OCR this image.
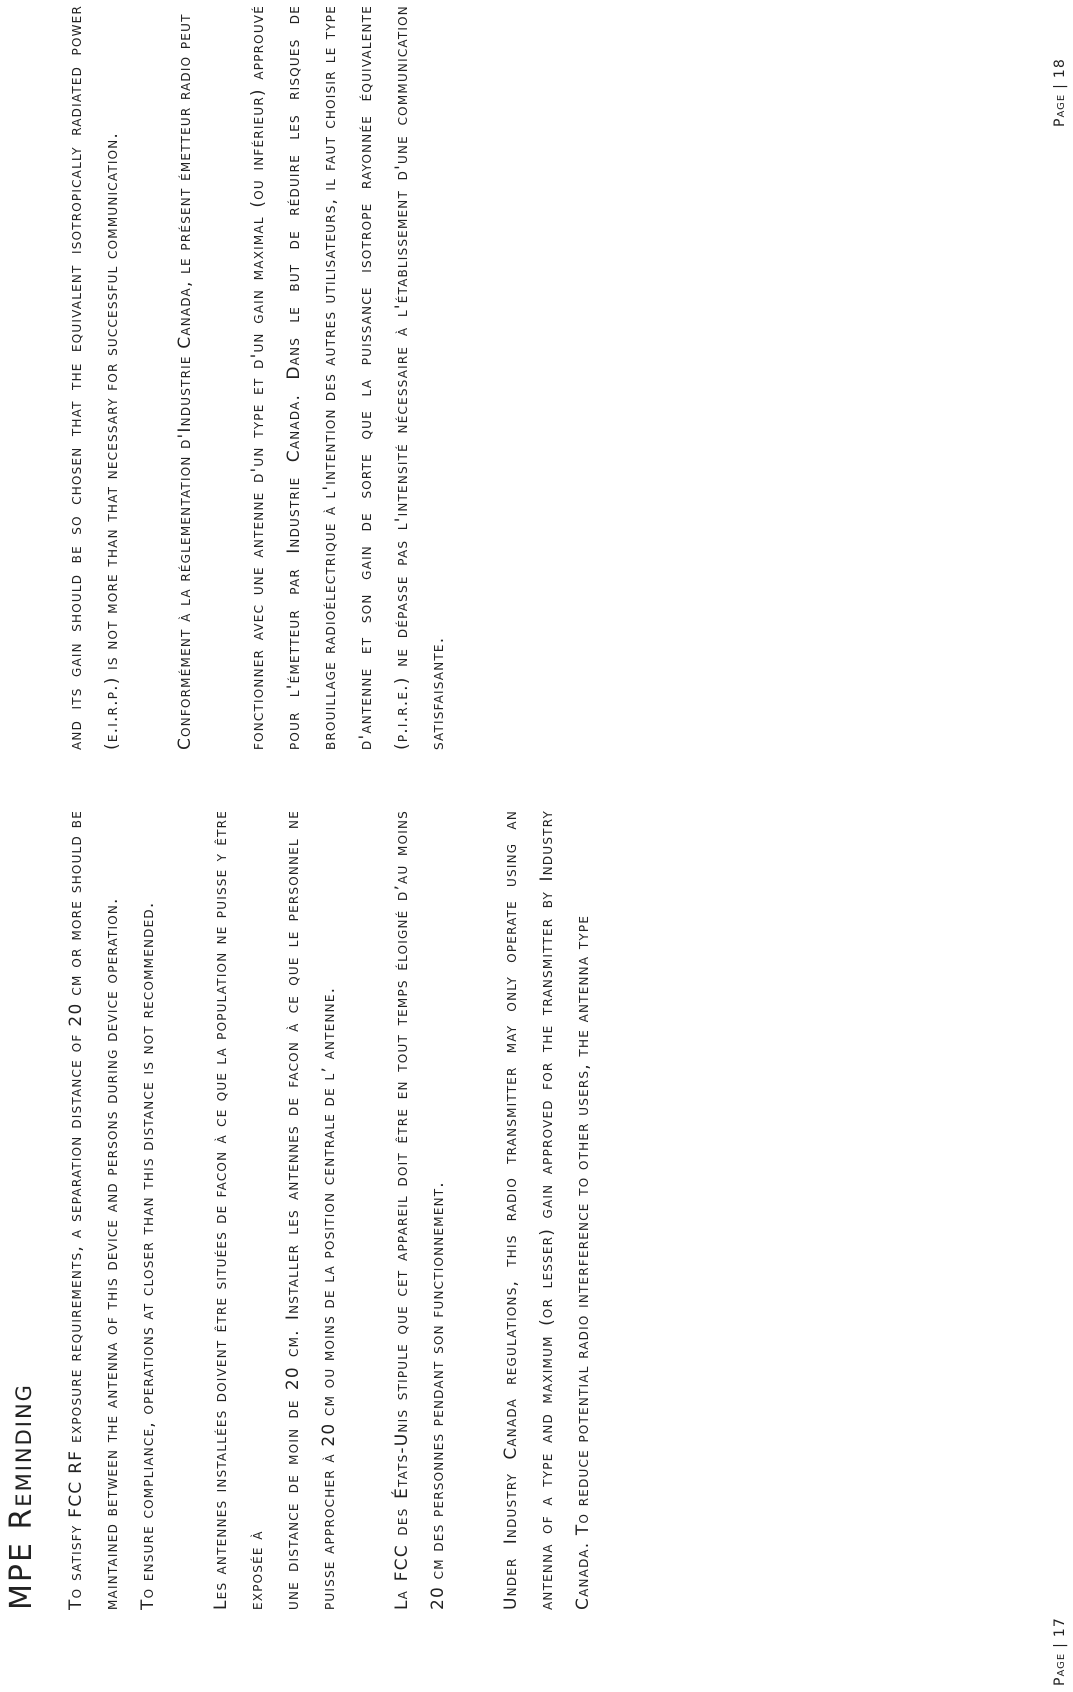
MPE Reminding	To satisfy FCC RF exposure requirements, a separation distance of 20 cm or more should be maintained between the antenna of this device and persons during device operation. To ensure compliance, operations at closer than this distance is not recommended.	Les antennes installées doivent être situées de facon à ce que la population ne puisse y être exposée à une distance de moin de 20 cm. Installer les antennes de facon à ce que le personnel ne puisse approcher à 20 cm ou moins de la position centrale de l’ antenne.	La FCC des États-Unis stipule que cet appareil doit être en tout temps éloigné d’au moins 20 cm des personnes pendant son functionnement.	Under Industry Canada regulations, this radio transmitter may only operate using an antenna of a type and maximum (or lesser) gain approved for the transmitter by Industry Canada. To reduce potential radio interference to other users, the antenna type

and its gain should be so chosen that the equivalent isotropically radiated power (e.i.r.p.) is not more than that necessary for successful communication.	Conformément à la réglementation d'Industrie Canada, le présent émetteur radio peut	fonctionner avec une antenne d'un type et d'un gain maximal (ou inférieur) approuvé pour l'émetteur par Industrie Canada. Dans le but de réduire les risques de brouillage radioélectrique à l'intention des autres utilisateurs, il faut choisir le type d'antenne et son gain de sorte que la puissance isotrope rayonnée équivalente (p.i.r.e.) ne dépasse pas l'intensité nécessaire à l'établissement d'une communication satisfaisante.

Page|17
Page|18
